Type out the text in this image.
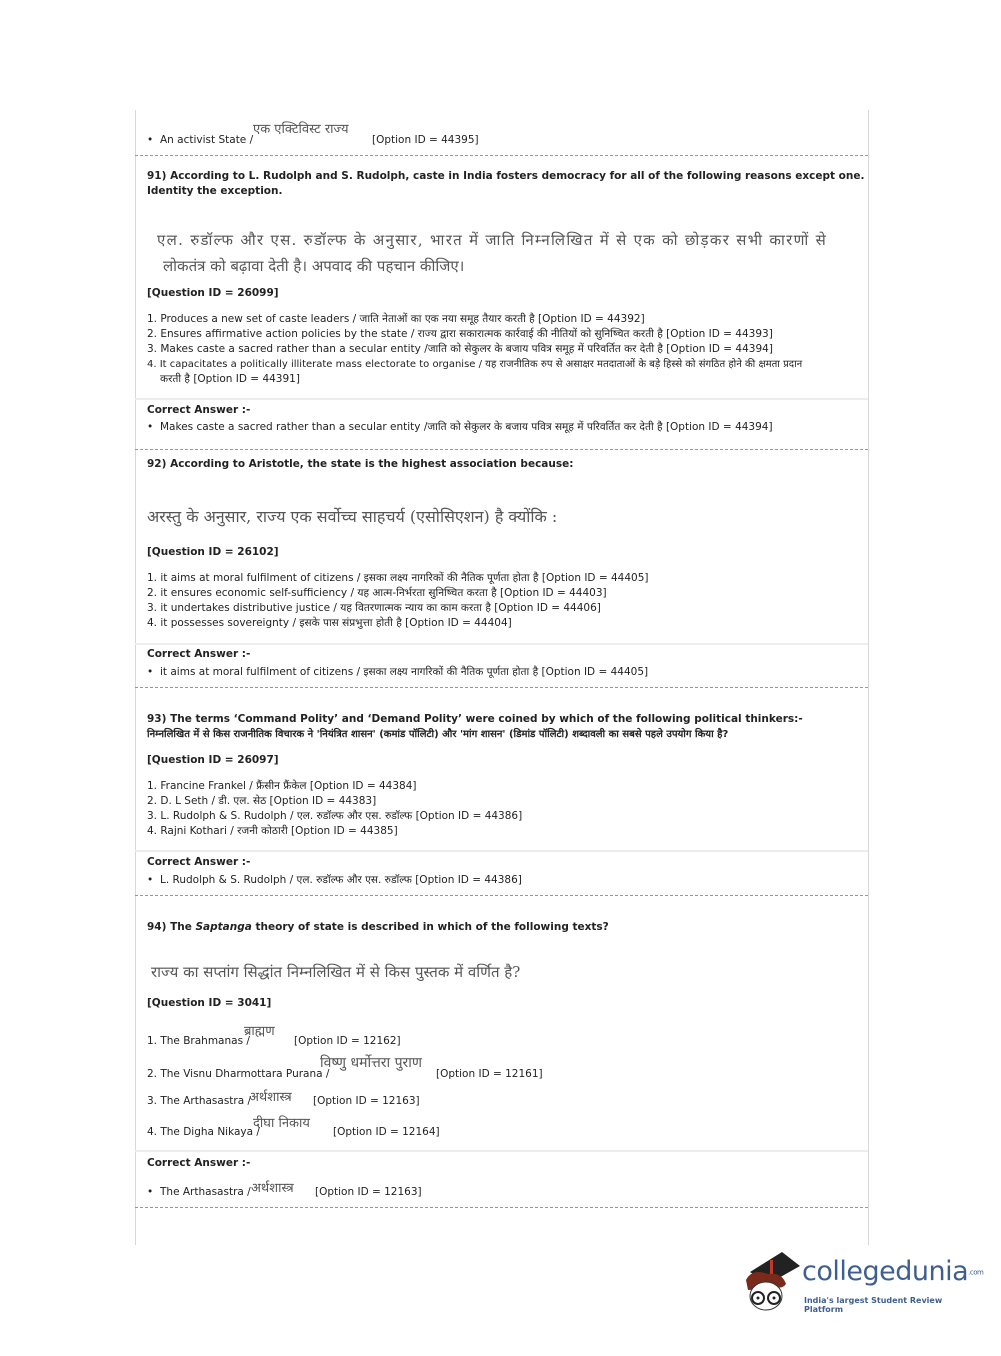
एक एक्टिविस्ट राज्य
• An activist State /	[Option ID = 44395]
91) According to L. Rudolph and S. Rudolph, caste in India fosters democracy for all of the following reasons except one.
Identity the exception.
एल. रुडॉल्फ और एस. रुडॉल्फ के अनुसार, भारत में जाति निम्नलिखित में से एक को छोड़कर सभी कारणों से
लोकतंत्र को बढ़ावा देती है। अपवाद की पहचान कीजिए।
[Question ID = 26099]
1. Produces a new set of caste leaders / जाति नेताओं का एक नया समूह तैयार करती है [Option ID = 44392]
2. Ensures affirmative action policies by the state / राज्य द्वारा सकारात्मक कार्रवाई की नीतियों को सुनिष्चित करती है [Option ID = 44393]
3. Makes caste a sacred rather than a secular entity /जाति को सेकुलर के बजाय पवित्र समूह में परिवर्तित कर देती है [Option ID = 44394]
4. It capacitates a politically illiterate mass electorate to organise / यह राजनीतिक रुप से असाक्षर मतदाताओं के बड़े हिस्से को संगठित होने की क्षमता प्रदान
करती है [Option ID = 44391]
Correct Answer :-
• Makes caste a sacred rather than a secular entity /जाति को सेकुलर के बजाय पवित्र समूह में परिवर्तित कर देती है [Option ID = 44394]
92) According to Aristotle, the state is the highest association because:
अरस्तु के अनुसार, राज्य एक सर्वोच्च साहचर्य (एसोसिएशन) है क्योंकि :
[Question ID = 26102]
1. it aims at moral fulfilment of citizens / इसका लक्ष्य नागरिकों की नैतिक पूर्णता होता है [Option ID = 44405]
2. it ensures economic self-sufficiency / यह आत्म-निर्भरता सुनिष्चित करता है [Option ID = 44403]
3. it undertakes distributive justice / यह वितरणात्मक न्याय का काम करता है [Option ID = 44406]
4. it possesses sovereignty / इसके पास संप्रभुत्ता होती है [Option ID = 44404]
Correct Answer :-
• it aims at moral fulfilment of citizens / इसका लक्ष्य नागरिकों की नैतिक पूर्णता होता है [Option ID = 44405]
93) The terms ‘Command Polity’ and ‘Demand Polity’ were coined by which of the following political thinkers:-
निम्नलिखित में से किस राजनीतिक विचारक ने 'नियंत्रित शासन' (कमांड पॉलिटी) और 'मांग शासन' (डिमांड पॉलिटी) शब्दावली का सबसे पहले उपयोग किया है?
[Question ID = 26097]
1. Francine Frankel / फ्रैंसीन फ्रैंकेल [Option ID = 44384]
2. D. L Seth / डी. एल. सेठ [Option ID = 44383]
3. L. Rudolph & S. Rudolph / एल. रुडॉल्फ और एस. रुडॉल्फ [Option ID = 44386]
4. Rajni Kothari / रजनी कोठारी [Option ID = 44385]
Correct Answer :-
• L. Rudolph & S. Rudolph / एल. रुडॉल्फ और एस. रुडॉल्फ [Option ID = 44386]
94) The Saptanga theory of state is described in which of the following texts?
राज्य का सप्तांग सिद्धांत निम्नलिखित में से किस पुस्तक में वर्णित है?
[Question ID = 3041]
1. The Brahmanas /
ब्राह्मण
[Option ID = 12162]
2. The Visnu Dharmottara Purana /
विष्णु धर्मोत्तरा पुराण
[Option ID = 12161]
3. The Arthasastra /
अर्थशास्त्र [Option ID = 12163]
4. The Digha Nikaya /
दीघा निकाय
[Option ID = 12164]
Correct Answer :-
• The Arthasastra / अर्थशास्त्र [Option ID = 12163]
collegedunia.com
India's largest Student Review Platform
